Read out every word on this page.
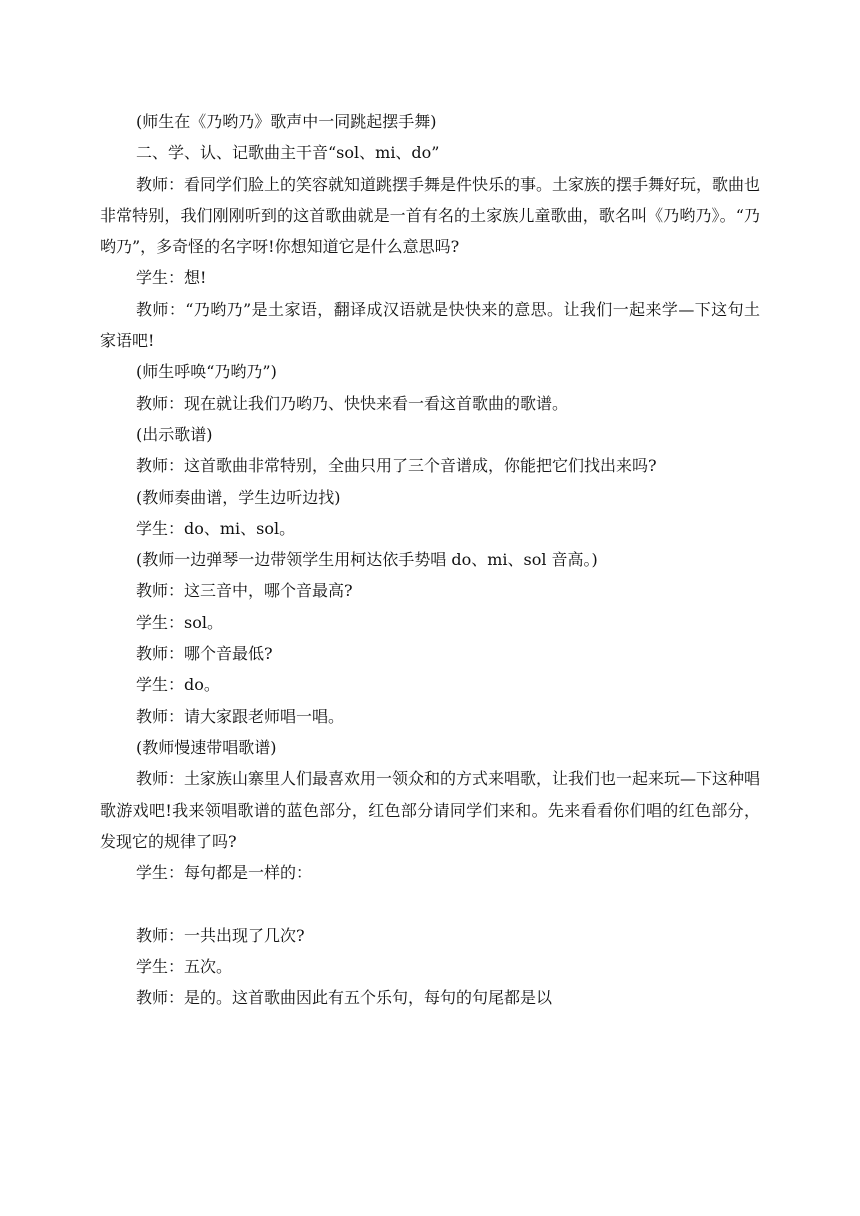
(师生在《乃哟乃》歌声中一同跳起摆手舞)

二、学、认、记歌曲主干音“sol、mi、do”

教师：看同学们脸上的笑容就知道跳摆手舞是件快乐的事。土家族的摆手舞好玩，歌曲也非常特别，我们刚刚听到的这首歌曲就是一首有名的土家族儿童歌曲，歌名叫《乃哟乃》。“乃哟乃”，多奇怪的名字呀!你想知道它是什么意思吗?

学生：想!

教师：“乃哟乃”是土家语，翻译成汉语就是快快来的意思。让我们一起来学—下这句土家语吧!

(师生呼唤“乃哟乃”)

教师：现在就让我们乃哟乃、快快来看一看这首歌曲的歌谱。

(出示歌谱)

教师：这首歌曲非常特别，全曲只用了三个音谱成，你能把它们找出来吗?

(教师奏曲谱，学生边听边找)

学生：do、mi、sol。

(教师一边弹琴一边带领学生用柯达依手势唱 do、mi、sol 音高。)

教师：这三音中，哪个音最高?

学生：sol。

教师：哪个音最低?

学生：do。

教师：请大家跟老师唱一唱。

(教师慢速带唱歌谱)

教师：土家族山寨里人们最喜欢用一领众和的方式来唱歌，让我们也一起来玩—下这种唱歌游戏吧!我来领唱歌谱的蓝色部分，红色部分请同学们来和。先来看看你们唱的红色部分，发现它的规律了吗?

学生：每句都是一样的：

教师：一共出现了几次?

学生：五次。

教师：是的。这首歌曲因此有五个乐句，每句的句尾都是以
